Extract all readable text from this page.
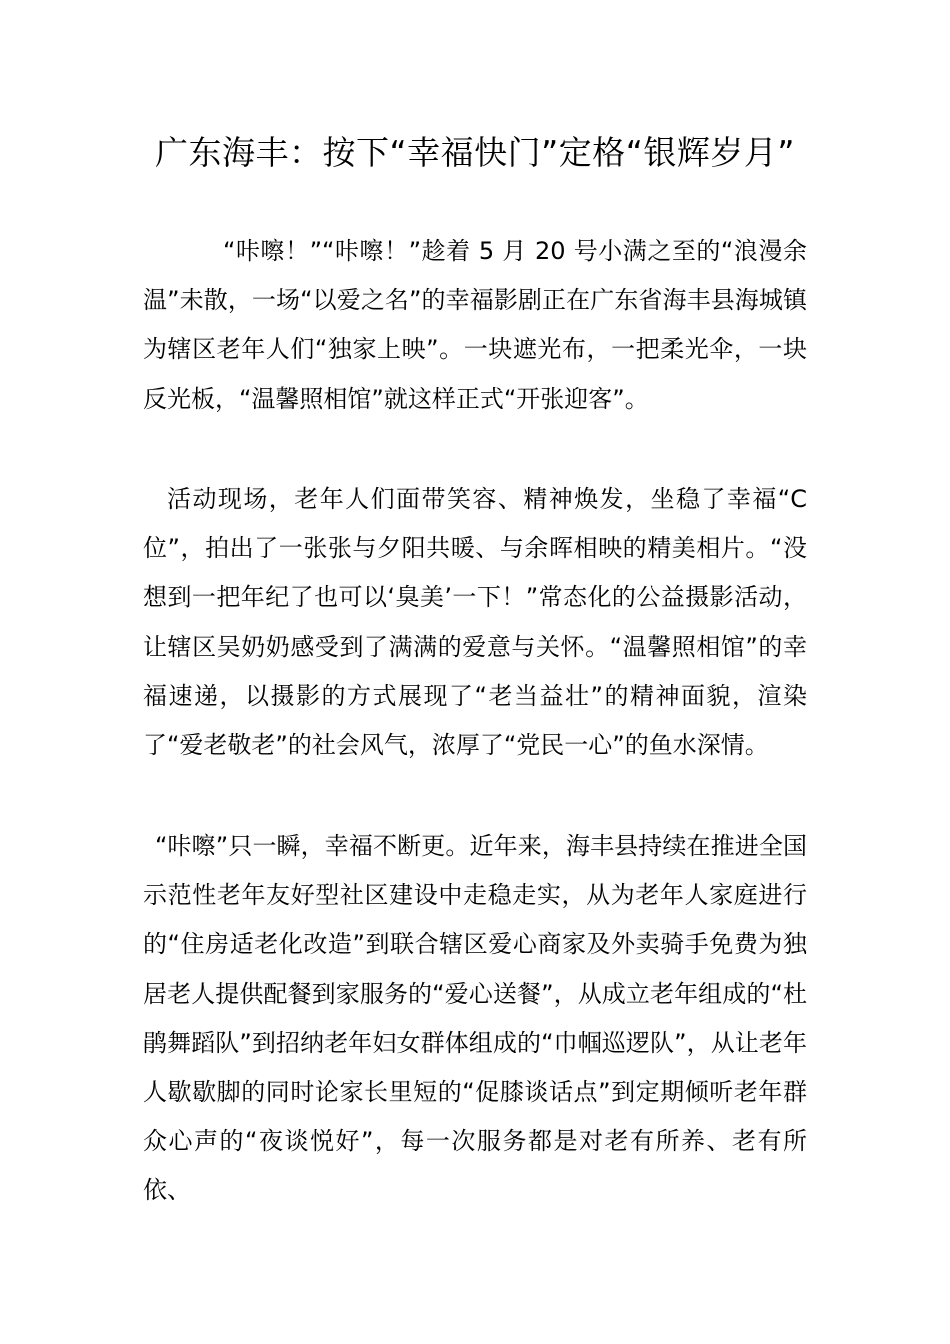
广东海丰：按下“幸福快门”定格“银辉岁月”

“咔嚓！”“咔嚓！”趁着 5 月 20 号小满之至的“浪漫余温”未散，一场“以爱之名”的幸福影剧正在广东省海丰县海城镇为辖区老年人们“独家上映”。一块遮光布，一把柔光伞，一块反光板，“温馨照相馆”就这样正式“开张迎客”。

活动现场，老年人们面带笑容、精神焕发，坐稳了幸福“C 位”，拍出了一张张与夕阳共暖、与余晖相映的精美相片。“没想到一把年纪了也可以‘臭美’一下！”常态化的公益摄影活动，让辖区吴奶奶感受到了满满的爱意与关怀。“温馨照相馆”的幸福速递，以摄影的方式展现了“老当益壮”的精神面貌，渲染了“爱老敬老”的社会风气，浓厚了“党民一心”的鱼水深情。

“咔嚓”只一瞬，幸福不断更。近年来，海丰县持续在推进全国示范性老年友好型社区建设中走稳走实，从为老年人家庭进行的“住房适老化改造”到联合辖区爱心商家及外卖骑手免费为独居老人提供配餐到家服务的“爱心送餐”，从成立老年组成的“杜鹃舞蹈队”到招纳老年妇女群体组成的“巾帼巡逻队”，从让老年人歇歇脚的同时论家长里短的“促膝谈话点”到定期倾听老年群众心声的“夜谈悦好”，每一次服务都是对老有所养、老有所依、
